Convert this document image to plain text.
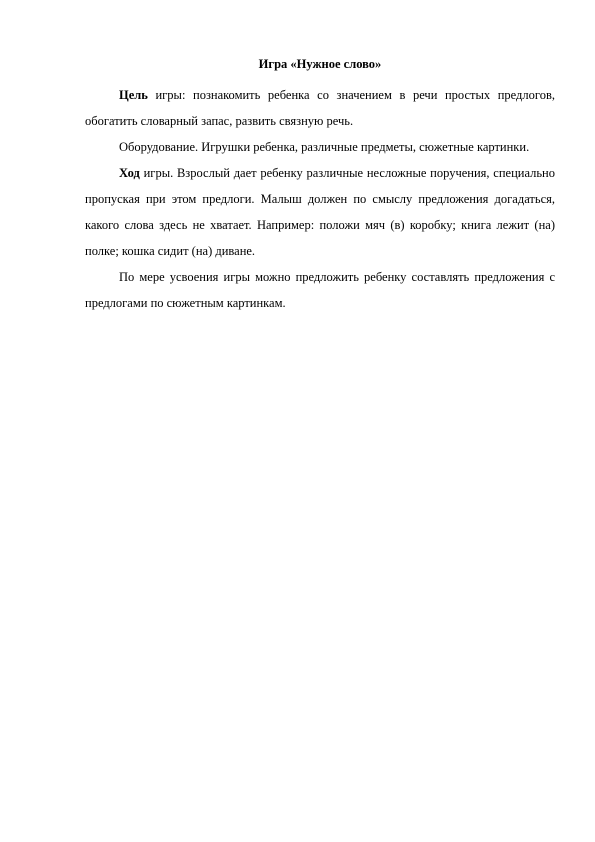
Игра «Нужное слово»

Цель игры: познакомить ребенка со значением в речи простых предлогов, обогатить словарный запас, развить связную речь.

Оборудование. Игрушки ребенка, различные предметы, сюжетные картинки.

Ход игры. Взрослый дает ребенку различные несложные поручения, специально пропуская при этом предлоги. Малыш должен по смыслу предложения догадаться, какого слова здесь не хватает. Например: положи мяч (в) коробку; книга лежит (на) полке; кошка сидит (на) диване.

По мере усвоения игры можно предложить ребенку составлять предложения с предлогами по сюжетным картинкам.
